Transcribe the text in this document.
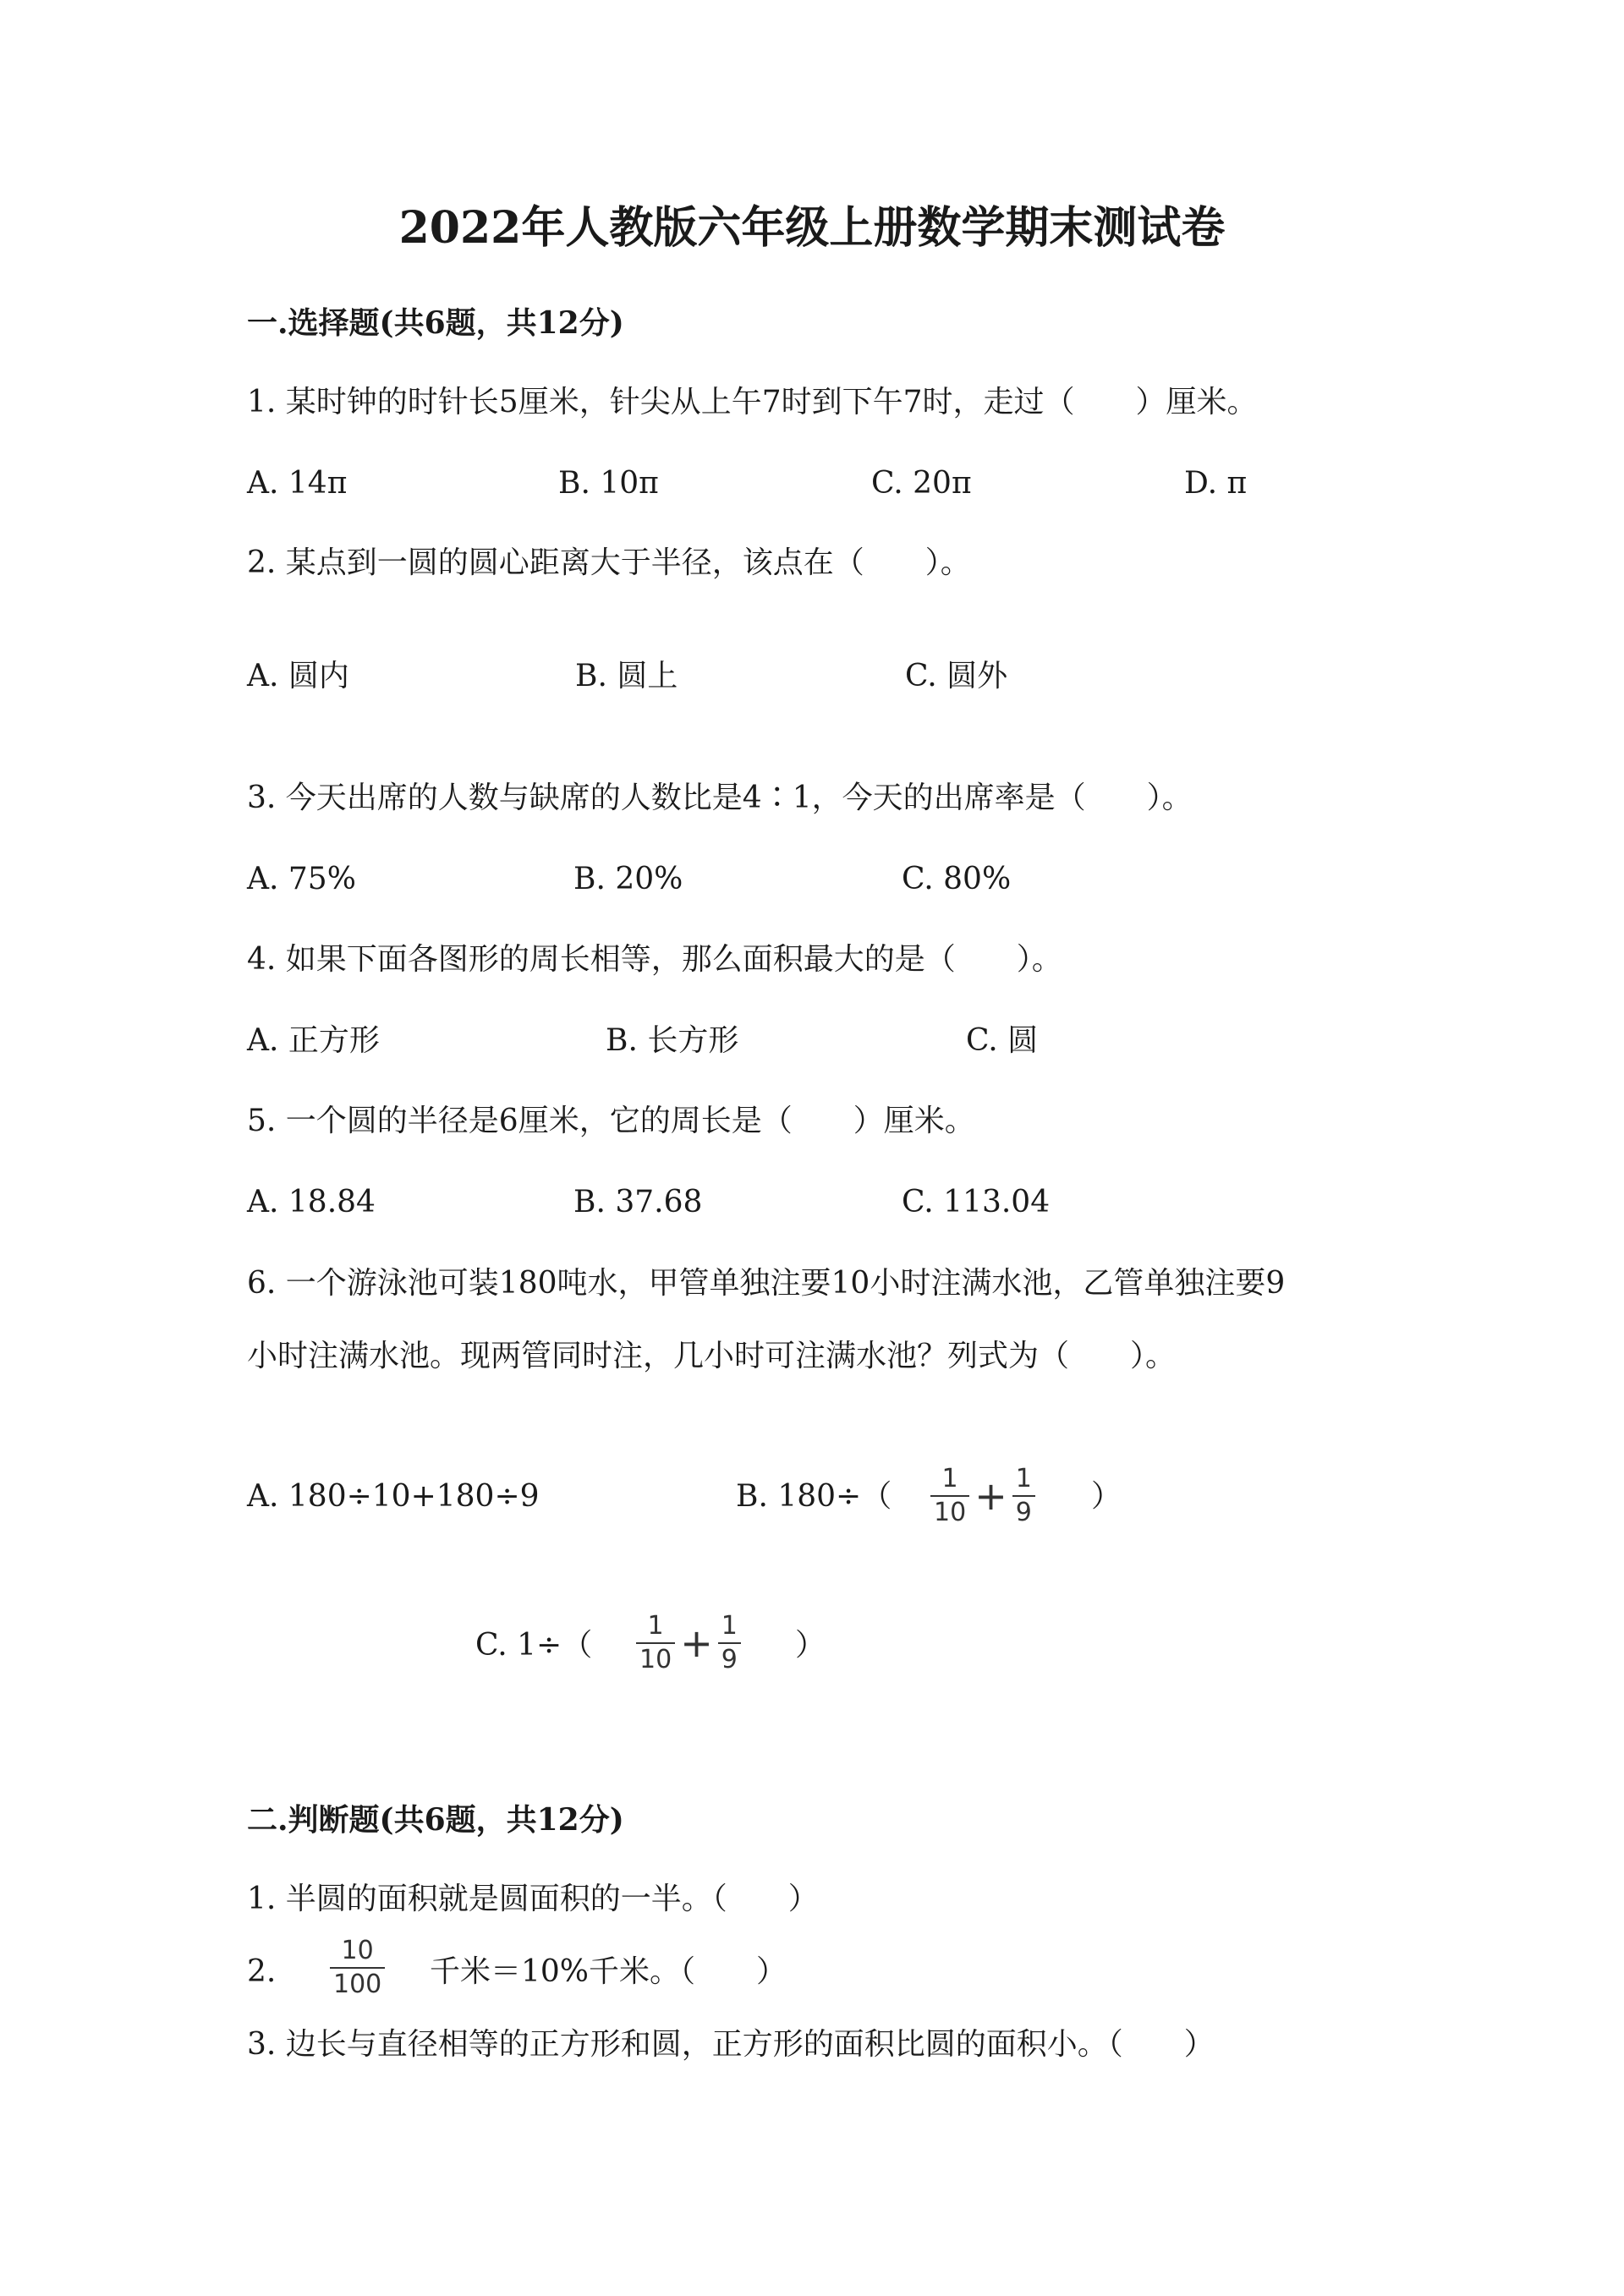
2022年人教版六年级上册数学期末测试卷
一.选择题(共6题，共12分)
1. 某时钟的时针长5厘米，针尖从上午7时到下午7时，走过（　　）厘米。
A. 14π	B. 10π	C. 20π	D. π
2. 某点到一圆的圆心距离大于半径，该点在（　　）。
A. 圆内	B. 圆上	C. 圆外
3. 今天出席的人数与缺席的人数比是4∶1，今天的出席率是（　　）。
A. 75%	B. 20%	C. 80%
4. 如果下面各图形的周长相等，那么面积最大的是（　　）。
A. 正方形	B. 长方形	C. 圆
5. 一个圆的半径是6厘米，它的周长是（　　）厘米。
A. 18.84	B. 37.68	C. 113.04
6. 一个游泳池可装180吨水，甲管单独注要10小时注满水池，乙管单独注要9
小时注满水池。现两管同时注，几小时可注满水池？列式为（　　）。
A. 180÷10+180÷9	B. $180\div( \frac{1}{10} + \frac{1}{9}$ ）
C. $1\div( \frac{1}{10} + \frac{1}{9}$ ）
二.判断题(共6题，共12分)
1. 半圆的面积就是圆面积的一半。（　　）
2. $\frac{10}{100}$ 千米＝10%千米。（　　）
3. 边长与直径相等的正方形和圆，正方形的面积比圆的面积小。（　　）
